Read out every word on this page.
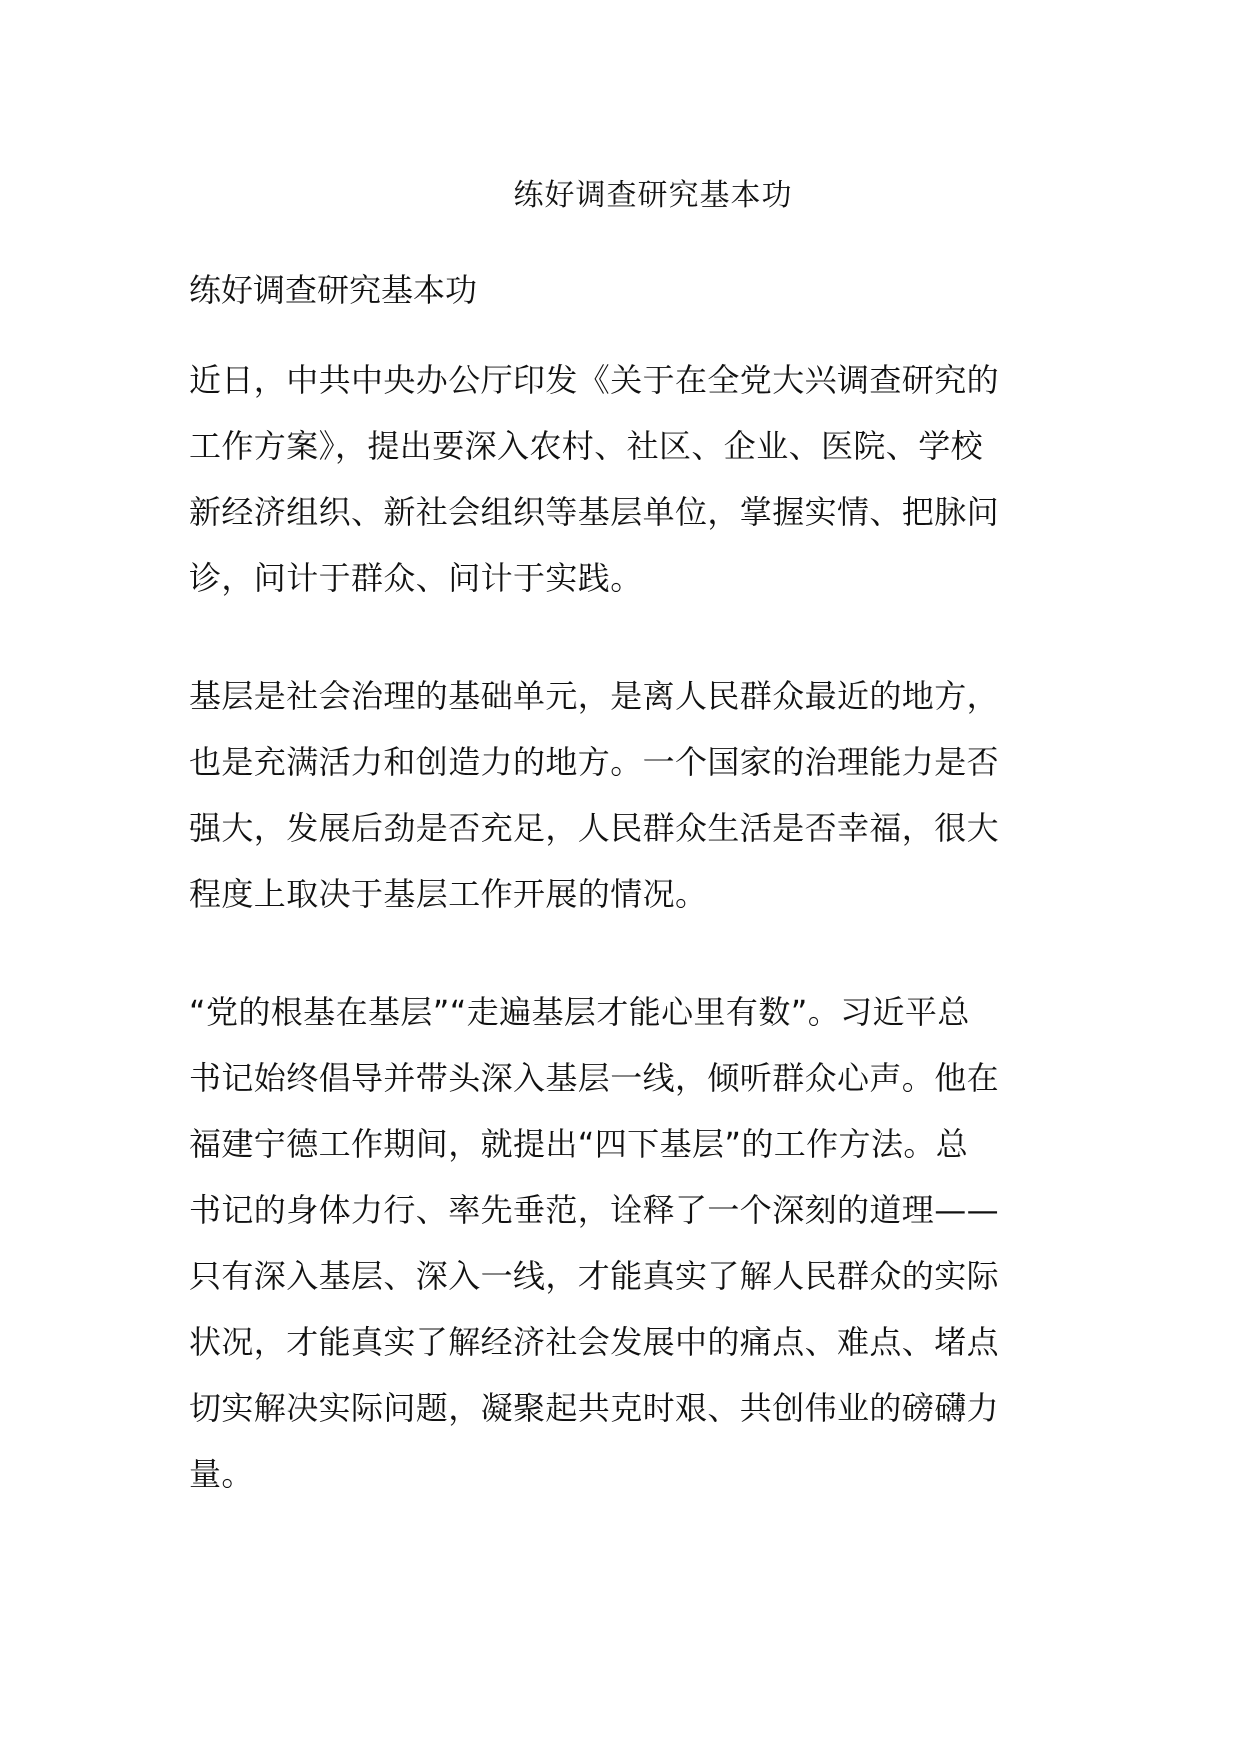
练好调查研究基本功
练好调查研究基本功
近日，中共中央办公厅印发《关于在全党大兴调查研究的
工作方案》，提出要深入农村、社区、企业、医院、学校
新经济组织、新社会组织等基层单位，掌握实情、把脉问
诊，问计于群众、问计于实践。
基层是社会治理的基础单元，是离人民群众最近的地方，
也是充满活力和创造力的地方。一个国家的治理能力是否
强大，发展后劲是否充足，人民群众生活是否幸福，很大
程度上取决于基层工作开展的情况。
“党的根基在基层”“走遍基层才能心里有数”。习近平总
书记始终倡导并带头深入基层一线，倾听群众心声。他在
福建宁德工作期间，就提出“四下基层”的工作方法。总
书记的身体力行、率先垂范，诠释了一个深刻的道理——
只有深入基层、深入一线，才能真实了解人民群众的实际
状况，才能真实了解经济社会发展中的痛点、难点、堵点
切实解决实际问题，凝聚起共克时艰、共创伟业的磅礴力
量。
